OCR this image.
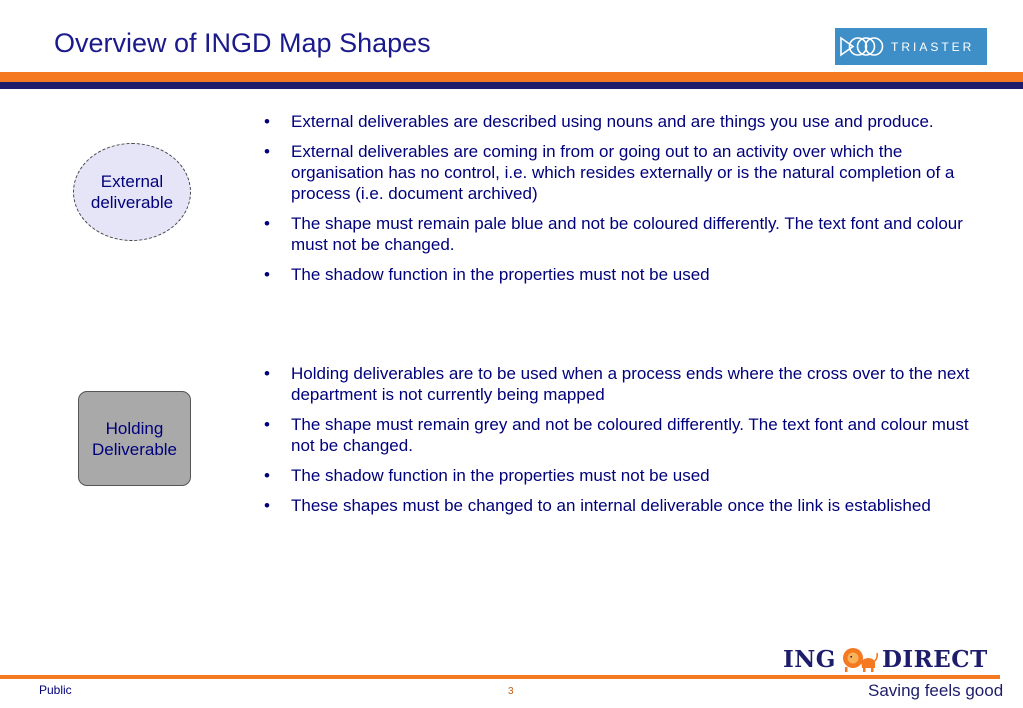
Overview of INGD Map Shapes	TRIASTER
External
deliverable
• External deliverables are described using nouns and are things you use and produce.
• External deliverables are coming in from or going out to an activity over which the organisation has no control, i.e. which resides externally or is the natural completion of a process (i.e. document archived)
• The shape must remain pale blue and not be coloured differently. The text font and colour must not be changed.
• The shadow function in the properties must not be used
Holding
Deliverable
• Holding deliverables are to be used when a process ends where the cross over to the next department is not currently being mapped
• The shape must remain grey and not be coloured differently. The text font and colour must not be changed.
• The shadow function in the properties must not be used
• These shapes must be changed to an internal deliverable once the link is established
ING DIRECT
Public	3	Saving feels good
